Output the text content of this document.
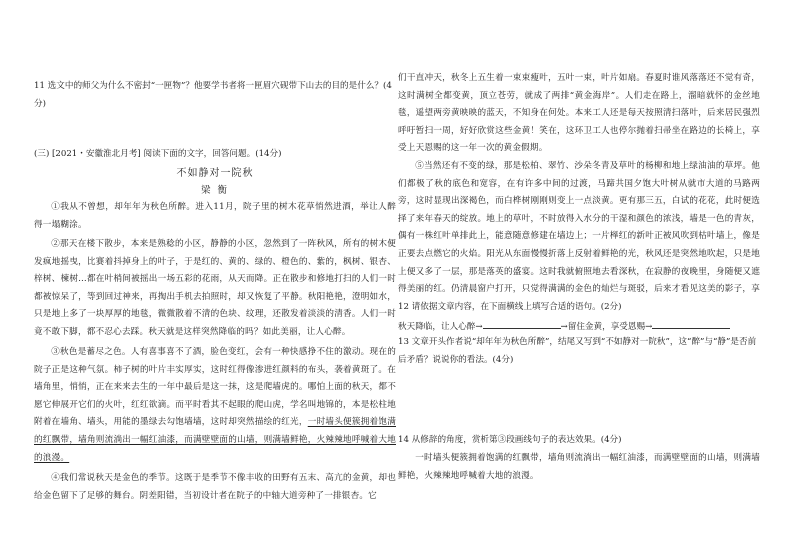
11 选文中的师父为什么不密封“一匣物”？他要学书者将一匣眉穴砚带下山去的目的是什么？(4分)

(三) [2021・安徽淮北月考] 阅读下面的文字，回答问题。(14分)

不如静对一院秋
梁 衡

①我从不曾想，却年年为秋色所醉。进入11月，院子里的树木花草悄然进酒，举让人醉得一塌糊涂。

②那天在楼下散步，本来是熟稔的小区，静静的小区，忽然到了一阵秋风，所有的树木便发疯地摇曳，比赛着抖掉身上的叶子，于是红的、黄的、绿的、橙色的、紫的，枫树、银杏、梓树、楝树…都在叶梢间被摇出一场五彩的花雨，从天而降。正在散步和修地打扫的人们一时都被惊呆了，等到回过神来，再掏出手机去拍照时，却又恢复了平静。秋阳艳艳，澄明如水，只是地上多了一块厚厚的地毯，微微散着不清的色块、纹理，还散发着淡淡的清香。人们一时竟不敢下脚，都不忍心去踩。秋天就是这样突然降临的吗？如此美丽，让人心醉。

③秋色是蓄尽之色。人有喜事喜不了酒，脸色变红，会有一种快感挣不住的激动。现在的院子正是这种气氛。柿子树的叶片丰实厚实，这时红得像渗进红颜料的布头，袭着黄斑了。在墙角里，悄悄，正在来来去生的一年中最后是这一抹，这是爬墙虎的。哪怕上面的秋天，都不愿它伸展开它们的火叶，红红欲滴。而平时看其不起眼的爬山虎，学名叫地锦的，本是松柱地附着在墙角、墙头，用能的墨绿去勾饱墙墙，这时却突然描绘的红光，一时墙头便簇拥着饱满的红飘带，墙角则流淌出一幅红油漆，而满壁壁面的山墙，则满墙鲜艳，火辣辣地呼喊着大地的浪漫。

④我们常说秋天是金色的季节。这既于是季节不像丰收的田野有五末、高亢的金黄，却也给金色留下了足够的舞台。阴差阳错，当初设计者在院子的中轴大道旁种了一排银杏。它

们干直冲天，秋冬上五生着一束束瘦叶，五叶一束，叶片如扇。春夏时谁风落落还不觉有奇，这时满树全都变黄，顶立苍劳，就成了两排“黄金海岸”。人们走在路上，溜暗就怀的金丝地毯，遥望两旁黄映映的蓝天，不知身在何处。本来工人还是每天按照清扫落叶，后来居民强烈呼吁暂扫一周，好好欣赏这些金黄！笑在，这环卫工人也停尔抛着扫帚坐在路边的长椅上，享受上天恩赐的这一年一次的黄金假期。

⑤当然还有不变的绿，那是松柏、翠竹、沙朵冬青及草叶的杨柳和地上绿油油的草坪。他们都极了秋的底色和宽容，在有许多中间的过渡，马蹄共国夕饱大叶树从就市大道的马路两旁，这时显现出深褐色，而白桦树刚刚则变上一点淡黄。更有那三五，白试的花花，此时便选择了来年春天的绽放。地上的草叶，不时放得入水分的干湿和颜色的浓浅，墙是一色的青灰，偶有一株红叶单排此上，能意随意修建在墙边上；一片榉红的新叶正被风吹到枯叶墙上，像是正要去点燃它的火焰。阳光从东面慢慢折落上反射着鲜艳的光，秋风还是突然地吹起，只是地上便又多了一层，那是落英的盛宴。这时我就俯照地去看深秋，在寂静的夜晚里，身随便又遮得美丽的红。仍清晨窗户打开，只觉得满满的金色的灿烂与斑驳，后来才看见这美的影子，享

12 请依据文章内容，在下面横线上填写合适的语句。(2分)

秋天降临，让人心醉→	→留住金黄，享受恩赐→

13 文章开头作者说“却年年为秋色所醉”，结尾又写到“不如静对一院秋”，这“醉”与“静”是否前后矛盾？说说你的看法。(4分)

14 从修辞的角度，赏析第③段画线句子的表达效果。(4分)

一时墙头便簇拥着饱满的红飘带，墙角则流淌出一幅红油漆，而满壁壁面的山墙，则满墙鲜艳，火辣辣地呼喊着大地的浪漫。
